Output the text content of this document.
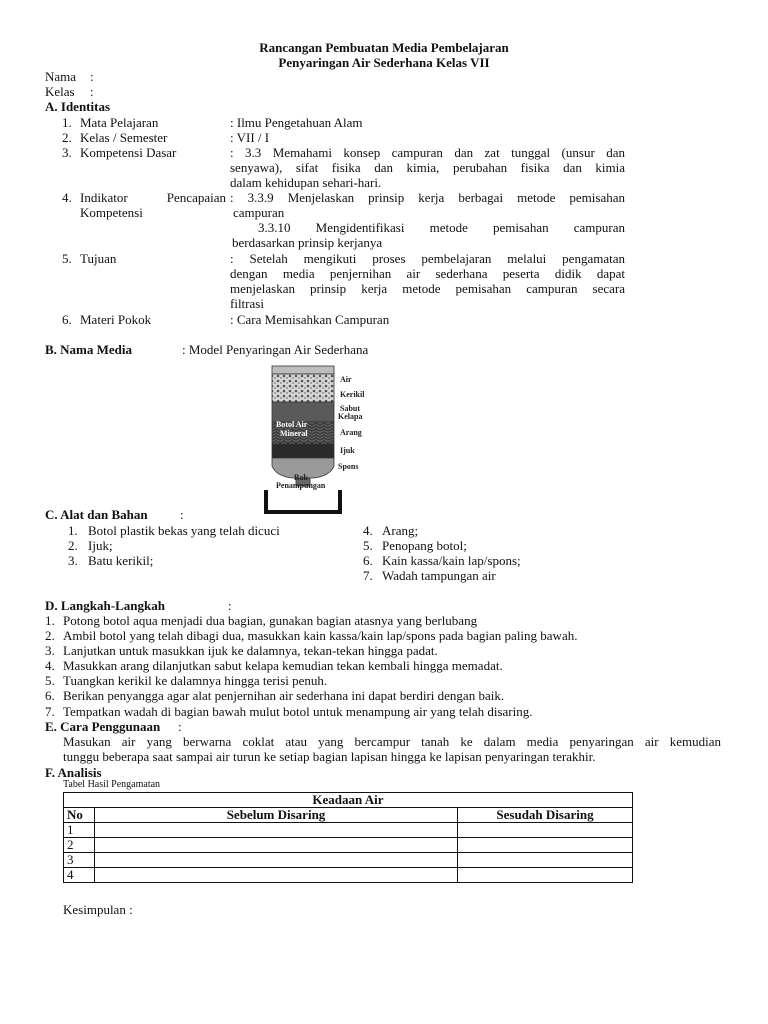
Rancangan Pembuatan Media Pembelajaran
Penyaringan Air Sederhana Kelas VII
Nama :
Kelas :
A. Identitas
1. Mata Pelajaran	: Ilmu Pengetahuan Alam
2. Kelas / Semester	: VII / I
3. Kompetensi Dasar	: 3.3 Memahami konsep campuran dan zat tunggal (unsur dan
senyawa), sifat fisika dan kimia, perubahan fisika dan kimia
dalam kehidupan sehari-hari.
4. Indikator Pencapaian
Kompetensi
: 3.3.9 Menjelaskan prinsip kerja berbagai metode pemisahan
campuran
3.3.10 Mengidentifikasi metode pemisahan campuran
berdasarkan prinsip kerjanya
5. Tujuan	: Setelah mengikuti proses pembelajaran melalui pengamatan
dengan media penjernihan air sederhana peserta didik dapat
menjelaskan prinsip kerja metode pemisahan campuran secara
filtrasi
6. Materi Pokok	: Cara Memisahkan Campuran
B. Nama Media	: Model Penyaringan Air Sederhana
Botol Air
Mineral
Air
Kerikil
Sabut
Kelapa
Arang
Ijuk
Spons
Bak
Penampungan
C. Alat dan Bahan :
1. Botol plastik bekas yang telah dicuci
2. Ijuk;
3. Batu kerikil;
4. Arang;
5. Penopang botol;
6. Kain kassa/kain lap/spons;
7. Wadah tampungan air
D. Langkah-Langkah	:
1. Potong botol aqua menjadi dua bagian, gunakan bagian atasnya yang berlubang
2. Ambil botol yang telah dibagi dua, masukkan kain kassa/kain lap/spons pada bagian paling bawah.
3. Lanjutkan untuk masukkan ijuk ke dalamnya, tekan-tekan hingga padat.
4. Masukkan arang dilanjutkan sabut kelapa kemudian tekan kembali hingga memadat.
5. Tuangkan kerikil ke dalamnya hingga terisi penuh.
6. Berikan penyangga agar alat penjernihan air sederhana ini dapat berdiri dengan baik.
7. Tempatkan wadah di bagian bawah mulut botol untuk menampung air yang telah disaring.
E. Cara Penggunaan :
Masukan air yang berwarna coklat atau yang bercampur tanah ke dalam media penyaringan air kemudian
tunggu beberapa saat sampai air turun ke setiap bagian lapisan hingga ke lapisan penyaringan terakhir.
F. Analisis
Tabel Hasil Pengamatan
Keadaan Air		
No	Sebelum Disaring	Sesudah Disaring
1		
2		
3		
4		
Kesimpulan :
